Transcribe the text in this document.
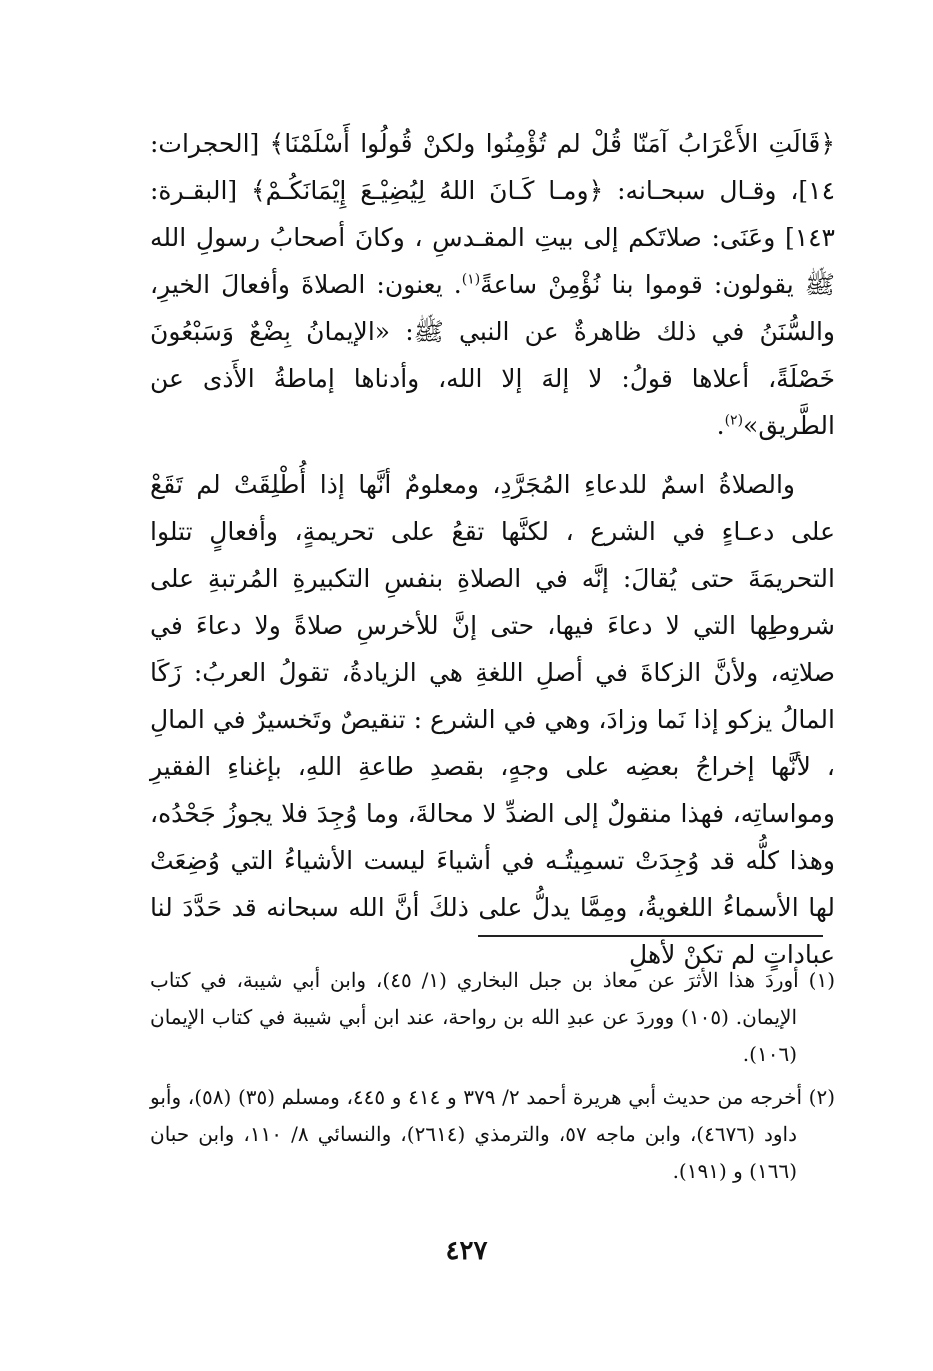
﴿قَالَتِ الأَعْرَابُ آمَنّا قُلْ لم تُؤْمِنُوا ولكنْ قُولُوا أَسْلَمْنَا﴾ [الحجرات: ١٤]، وقـال سبحـانه: ﴿ومـا كَـانَ اللهُ لِيُضِيْـعَ إِيْمَانَكُـمْ﴾ [البقـرة: ١٤٣] وعَنَى: صلاتَكم إلى بيتِ المقـدسِ ، وكانَ أصحابُ رسولِ الله ﷺ يقولون: قوموا بنا نُؤْمِنْ ساعةً$^{(١)}$. يعنون: الصلاةَ وأفعالَ الخيرِ، والسُّنَنُ في ذلك ظاهرةٌ عن النبي ﷺ: «الإيمانُ بِضْعٌ وَسَبْعُونَ خَصْلَةً، أعلاها قولُ: لا إلهَ إلا الله، وأدناها إماطةُ الأَذى عن الطَّريق»$^{(٢)}$.

والصلاةُ اسمٌ للدعاءِ المُجَرَّدِ، ومعلومٌ أنَّها إذا أُطْلِقَتْ لم تَقَعْ على دعـاءٍ في الشرع ، لكنَّها تقعُ على تحريمةٍ، وأفعالٍ تتلوا التحريمَةَ حتى يُقالَ: إنَّه في الصلاةِ بنفسِ التكبيرةِ المُرتبةِ على شروطِها التي لا دعاءَ فيها، حتى إنَّ للأخرسِ صلاةً ولا دعاءَ في صلاتِه، ولأنَّ الزكاةَ في أصلِ اللغةِ هي الزيادةُ، تقولُ العربُ: زَكَا المالُ يزكو إذا نَما وزادَ، وهي في الشرع : تنقيصٌ وتَخسيرٌ في المالِ ، لأنَّها إخراجُ بعضِه على وجهٍ، بقصدِ طاعةِ اللهِ، بإغناءِ الفقيرِ ومواساتِه، فهذا منقولٌ إلى الضدِّ لا محالةَ، وما وُجِدَ فلا يجوزُ جَحْدُه، وهذا كلُّه قد وُجِدَتْ تسمِيتُـه في أشياءَ ليست الأشياءُ التي وُضِعَتْ لها الأسماءُ اللغويةُ، ومِمَّا يدلُّ على ذلكَ أنَّ الله سبحانه قد حَدَّدَ لنا عباداتٍ لم تكنْ لأهلِ

(١) أوردَ هذا الأثرَ عن معاذ بن جبل البخاري (١/ ٤٥)، وابن أبي شيبة، في كتاب الإيمان. (١٠٥) ووردَ عن عبدِ الله بن رواحة، عند ابن أبي شيبة في كتاب الإيمان (١٠٦).

(٢) أخرجه من حديث أبي هريرة أحمد ٢/ ٣٧٩ و ٤١٤ و ٤٤٥، ومسلم (٣٥) (٥٨)، وأبو داود (٤٦٧٦)، وابن ماجه ٥٧، والترمذي (٢٦١٤)، والنسائي ٨/ ١١٠، وابن حبان (١٦٦) و (١٩١).

٤٢٧
